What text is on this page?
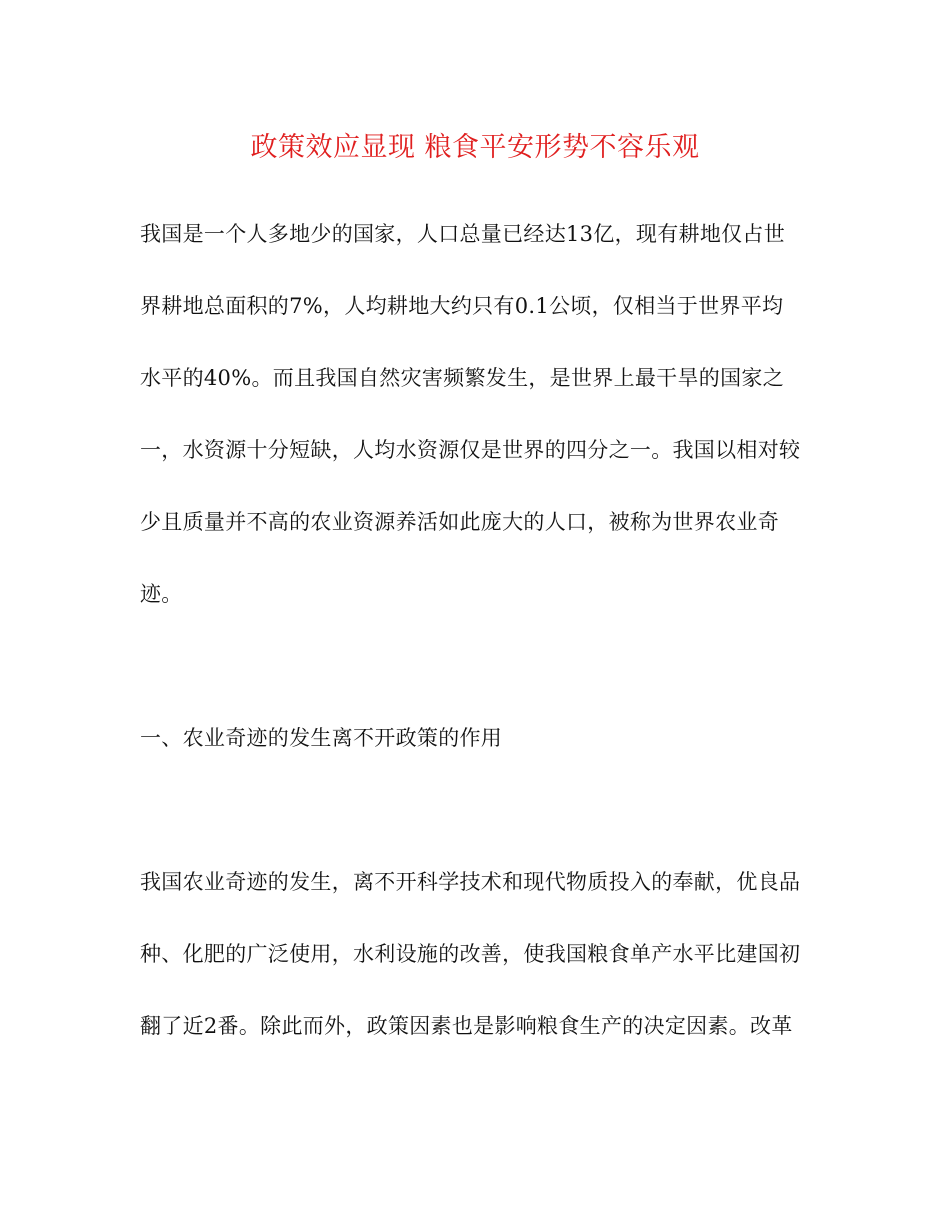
政策效应显现 粮食平安形势不容乐观
我国是一个人多地少的国家，人口总量已经达13亿，现有耕地仅占世
界耕地总面积的7%，人均耕地大约只有0.1公顷，仅相当于世界平均
水平的40%。而且我国自然灾害频繁发生，是世界上最干旱的国家之
一，水资源十分短缺，人均水资源仅是世界的四分之一。我国以相对较
少且质量并不高的农业资源养活如此庞大的人口，被称为世界农业奇
迹。
一、农业奇迹的发生离不开政策的作用
我国农业奇迹的发生，离不开科学技术和现代物质投入的奉献，优良品
种、化肥的广泛使用，水利设施的改善，使我国粮食单产水平比建国初
翻了近2番。除此而外，政策因素也是影响粮食生产的决定因素。改革
